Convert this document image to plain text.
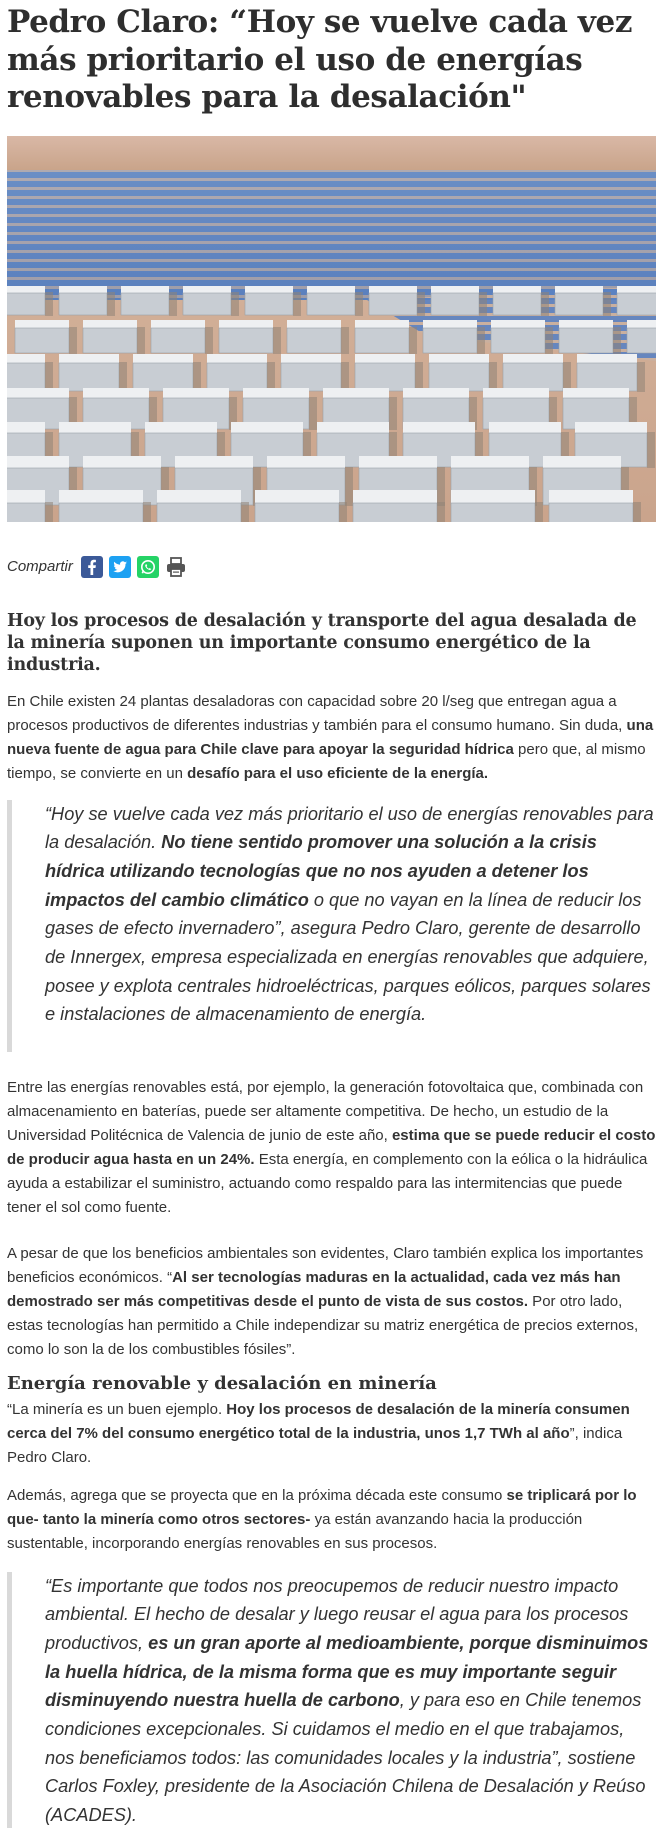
Pedro Claro: “Hoy se vuelve cada vez más prioritario el uso de energías renovables para la desalación"
Compartir
Hoy los procesos de desalación y transporte del agua desalada de la minería suponen un importante consumo energético de la industria.

En Chile existen 24 plantas desaladoras con capacidad sobre 20 l/seg que entregan agua a procesos productivos de diferentes industrias y también para el consumo humano. Sin duda, una nueva fuente de agua para Chile clave para apoyar la seguridad hídrica pero que, al mismo tiempo, se convierte en un desafío para el uso eficiente de la energía.

“Hoy se vuelve cada vez más prioritario el uso de energías renovables para la desalación. No tiene sentido promover una solución a la crisis hídrica utilizando tecnologías que no nos ayuden a detener los impactos del cambio climático o que no vayan en la línea de reducir los gases de efecto invernadero”, asegura Pedro Claro, gerente de desarrollo de Innergex, empresa especializada en energías renovables que adquiere, posee y explota centrales hidroeléctricas, parques eólicos, parques solares e instalaciones de almacenamiento de energía.

Entre las energías renovables está, por ejemplo, la generación fotovoltaica que, combinada con almacenamiento en baterías, puede ser altamente competitiva. De hecho, un estudio de la Universidad Politécnica de Valencia de junio de este año, estima que se puede reducir el costo de producir agua hasta en un 24%. Esta energía, en complemento con la eólica o la hidráulica ayuda a estabilizar el suministro, actuando como respaldo para las intermitencias que puede tener el sol como fuente.

A pesar de que los beneficios ambientales son evidentes, Claro también explica los importantes beneficios económicos. “Al ser tecnologías maduras en la actualidad, cada vez más han demostrado ser más competitivas desde el punto de vista de sus costos. Por otro lado, estas tecnologías han permitido a Chile independizar su matriz energética de precios externos, como lo son la de los combustibles fósiles”.

Energía renovable y desalación en minería

“La minería es un buen ejemplo. Hoy los procesos de desalación de la minería consumen cerca del 7% del consumo energético total de la industria, unos 1,7 TWh al año”, indica Pedro Claro.

Además, agrega que se proyecta que en la próxima década este consumo se triplicará por lo que- tanto la minería como otros sectores- ya están avanzando hacia la producción sustentable, incorporando energías renovables en sus procesos.

“Es importante que todos nos preocupemos de reducir nuestro impacto ambiental. El hecho de desalar y luego reusar el agua para los procesos productivos, es un gran aporte al medioambiente, porque disminuimos la huella hídrica, de la misma forma que es muy importante seguir disminuyendo nuestra huella de carbono, y para eso en Chile tenemos condiciones excepcionales. Si cuidamos el medio en el que trabajamos, nos beneficiamos todos: las comunidades locales y la industria”, sostiene Carlos Foxley, presidente de la Asociación Chilena de Desalación y Reúso (ACADES).
